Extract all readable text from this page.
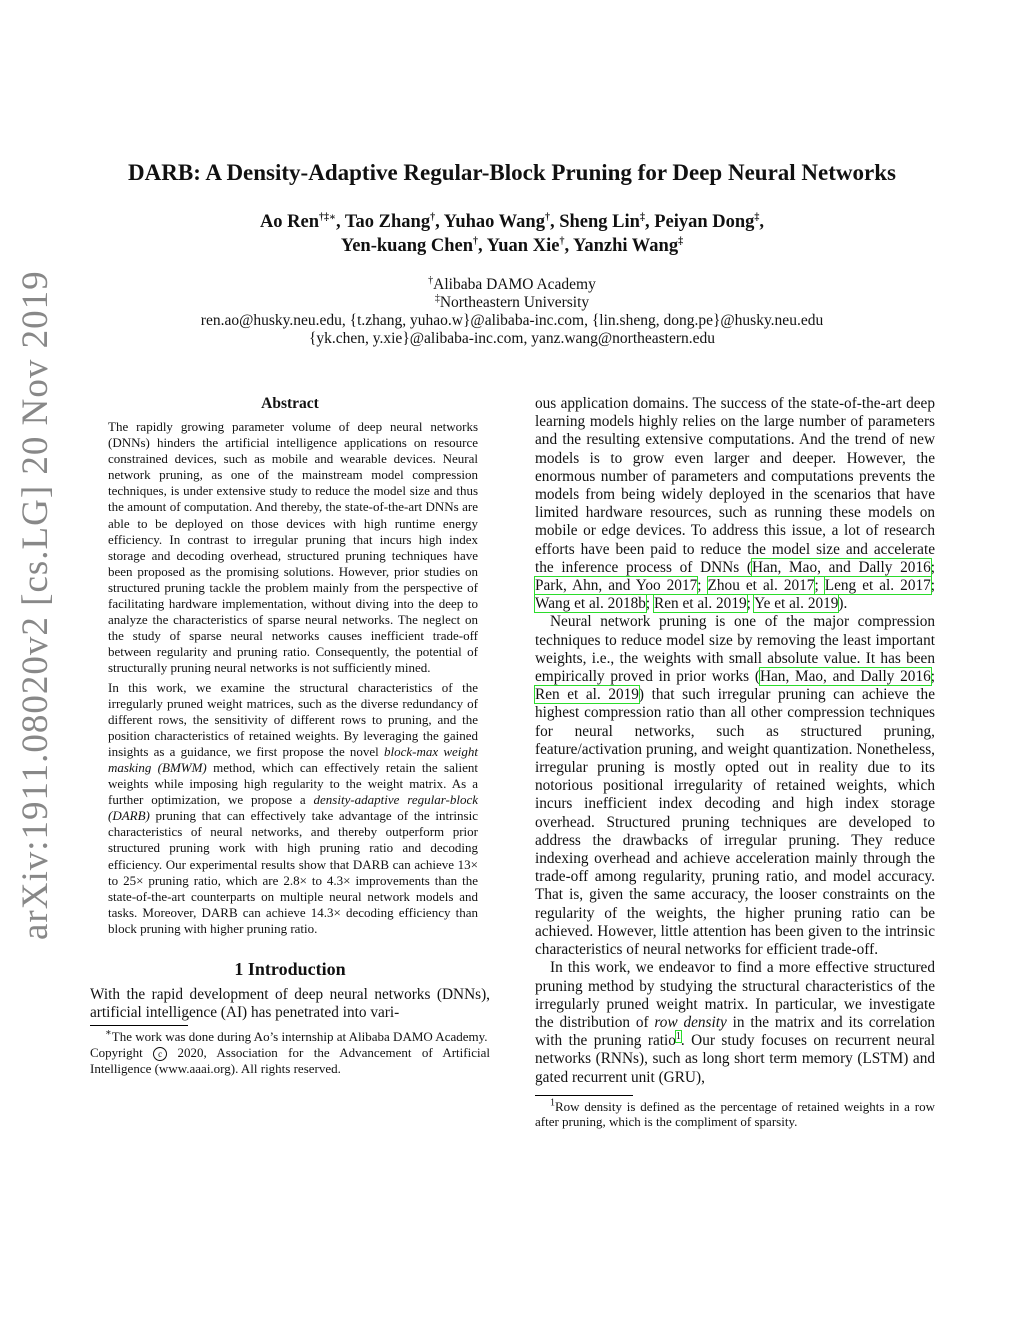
arXiv:1911.08020v2 [cs.LG] 20 Nov 2019
DARB: A Density-Adaptive Regular-Block Pruning for Deep Neural Networks
Ao Ren†‡∗, Tao Zhang†, Yuhao Wang†, Sheng Lin‡, Peiyan Dong‡,
Yen-kuang Chen†, Yuan Xie†, Yanzhi Wang‡
†Alibaba DAMO Academy
‡Northeastern University
ren.ao@husky.neu.edu, {t.zhang, yuhao.w}@alibaba-inc.com, {lin.sheng, dong.pe}@husky.neu.edu
{yk.chen, y.xie}@alibaba-inc.com, yanz.wang@northeastern.edu
Abstract

The rapidly growing parameter volume of deep neural networks (DNNs) hinders the artificial intelligence applications on resource constrained devices, such as mobile and wearable devices. Neural network pruning, as one of the mainstream model compression techniques, is under extensive study to reduce the model size and thus the amount of computation. And thereby, the state-of-the-art DNNs are able to be deployed on those devices with high runtime energy efficiency. In contrast to irregular pruning that incurs high index storage and decoding overhead, structured pruning techniques have been proposed as the promising solutions. However, prior studies on structured pruning tackle the problem mainly from the perspective of facilitating hardware implementation, without diving into the deep to analyze the characteristics of sparse neural networks. The neglect on the study of sparse neural networks causes inefficient trade-off between regularity and pruning ratio. Consequently, the potential of structurally pruning neural networks is not sufficiently mined.

In this work, we examine the structural characteristics of the irregularly pruned weight matrices, such as the diverse redundancy of different rows, the sensitivity of different rows to pruning, and the position characteristics of retained weights. By leveraging the gained insights as a guidance, we first propose the novel block-max weight masking (BMWM) method, which can effectively retain the salient weights while imposing high regularity to the weight matrix. As a further optimization, we propose a density-adaptive regular-block (DARB) pruning that can effectively take advantage of the intrinsic characteristics of neural networks, and thereby outperform prior structured pruning work with high pruning ratio and decoding efficiency. Our experimental results show that DARB can achieve 13× to 25× pruning ratio, which are 2.8× to 4.3× improvements than the state-of-the-art counterparts on multiple neural network models and tasks. Moreover, DARB can achieve 14.3× decoding efficiency than block pruning with higher pruning ratio.

1 Introduction

With the rapid development of deep neural networks (DNNs), artificial intelligence (AI) has penetrated into vari-

∗The work was done during Ao’s internship at Alibaba DAMO Academy.

Copyright c 2020, Association for the Advancement of Artificial Intelligence (www.aaai.org). All rights reserved.

ous application domains. The success of the state-of-the-art deep learning models highly relies on the large number of parameters and the resulting extensive computations. And the trend of new models is to grow even larger and deeper. However, the enormous number of parameters and computations prevents the models from being widely deployed in the scenarios that have limited hardware resources, such as running these models on mobile or edge devices. To address this issue, a lot of research efforts have been paid to reduce the model size and accelerate the inference process of DNNs (Han, Mao, and Dally 2016; Park, Ahn, and Yoo 2017; Zhou et al. 2017; Leng et al. 2017; Wang et al. 2018b; Ren et al. 2019; Ye et al. 2019).

Neural network pruning is one of the major compression techniques to reduce model size by removing the least important weights, i.e., the weights with small absolute value. It has been empirically proved in prior works (Han, Mao, and Dally 2016; Ren et al. 2019) that such irregular pruning can achieve the highest compression ratio than all other compression techniques for neural networks, such as structured pruning, feature/activation pruning, and weight quantization. Nonetheless, irregular pruning is mostly opted out in reality due to its notorious positional irregularity of retained weights, which incurs inefficient index decoding and high index storage overhead. Structured pruning techniques are developed to address the drawbacks of irregular pruning. They reduce indexing overhead and achieve acceleration mainly through the trade-off among regularity, pruning ratio, and model accuracy. That is, given the same accuracy, the looser constraints on the regularity of the weights, the higher pruning ratio can be achieved. However, little attention has been given to the intrinsic characteristics of neural networks for efficient trade-off.

In this work, we endeavor to find a more effective structured pruning method by studying the structural characteristics of the irregularly pruned weight matrix. In particular, we investigate the distribution of row density in the matrix and its correlation with the pruning ratio$^1$. Our study focuses on recurrent neural networks (RNNs), such as long short term memory (LSTM) and gated recurrent unit (GRU),

$^1$Row density is defined as the percentage of retained weights in a row after pruning, which is the compliment of sparsity.
